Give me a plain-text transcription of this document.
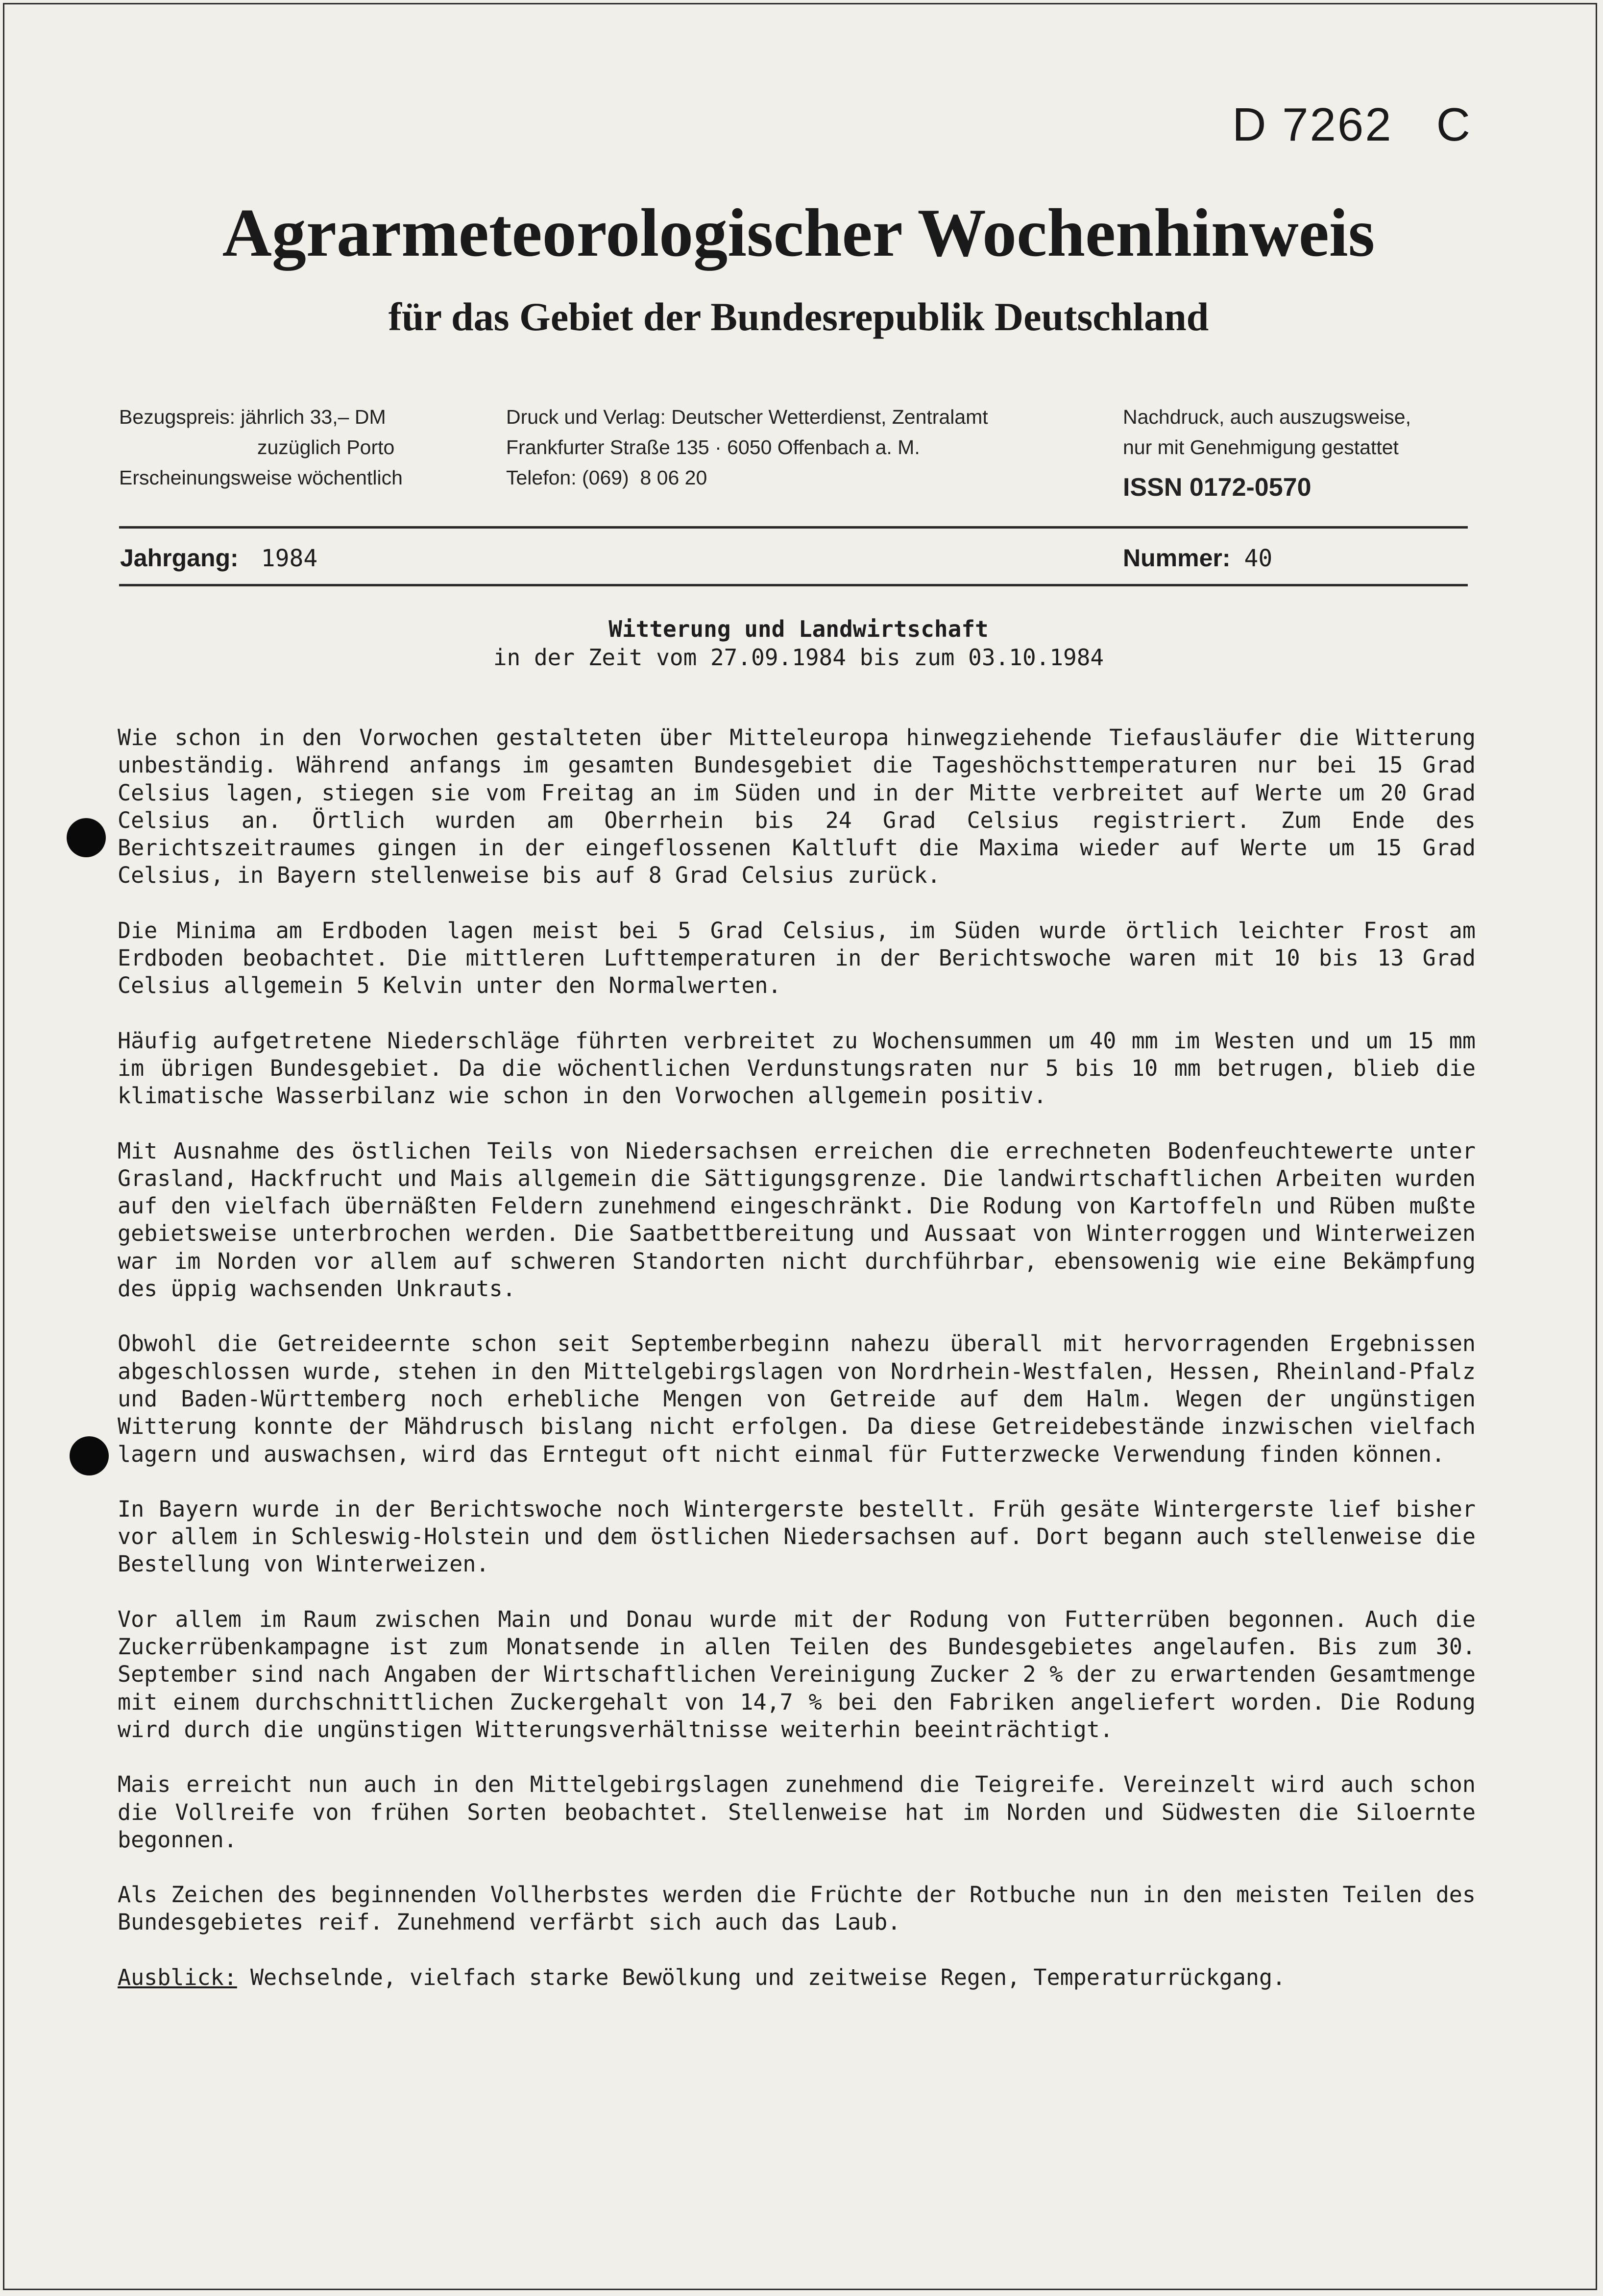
D 7262   C
Agrarmeteorologischer Wochenhinweis
für das Gebiet der Bundesrepublik Deutschland
Bezugspreis: jährlich 33,– DM
zuzüglich Porto
Erscheinungsweise wöchentlich
Druck und Verlag: Deutscher Wetterdienst, Zentralamt
Frankfurter Straße 135 · 6050 Offenbach a. M.
Telefon: (069)  8 06 20
Nachdruck, auch auszugsweise,
nur mit Genehmigung gestattet
ISSN 0172-0570
Jahrgang: 1984	Nummer: 40
Witterung und Landwirtschaft
in der Zeit vom 27.09.1984 bis zum 03.10.1984

Wie schon in den Vorwochen gestalteten über Mitteleuropa hinwegziehende Tiefausläufer die Witterung unbeständig. Während anfangs im gesamten Bundesgebiet die Tageshöchsttemperaturen nur bei 15 Grad Celsius lagen, stiegen sie vom Freitag an im Süden und in der Mitte verbreitet auf Werte um 20 Grad Celsius an. Örtlich wurden am Oberrhein bis 24 Grad Celsius registriert. Zum Ende des Berichtszeitraumes gingen in der eingeflossenen Kaltluft die Maxima wieder auf Werte um 15 Grad Celsius, in Bayern stellenweise bis auf 8 Grad Celsius zurück.

Die Minima am Erdboden lagen meist bei 5 Grad Celsius, im Süden wurde örtlich leichter Frost am Erdboden beobachtet. Die mittleren Lufttemperaturen in der Berichtswoche waren mit 10 bis 13 Grad Celsius allgemein 5 Kelvin unter den Normalwerten.

Häufig aufgetretene Niederschläge führten verbreitet zu Wochensummen um 40 mm im Westen und um 15 mm im übrigen Bundesgebiet. Da die wöchentlichen Verdunstungsraten nur 5 bis 10 mm betrugen, blieb die klimatische Wasserbilanz wie schon in den Vorwochen allgemein positiv.

Mit Ausnahme des östlichen Teils von Niedersachsen erreichen die errechneten Bodenfeuchtewerte unter Grasland, Hackfrucht und Mais allgemein die Sättigungsgrenze. Die landwirtschaftlichen Arbeiten wurden auf den vielfach übernäßten Feldern zunehmend eingeschränkt. Die Rodung von Kartoffeln und Rüben mußte gebietsweise unterbrochen werden. Die Saatbettbereitung und Aussaat von Winterroggen und Winterweizen war im Norden vor allem auf schweren Standorten nicht durchführbar, ebensowenig wie eine Bekämpfung des üppig wachsenden Unkrauts.

Obwohl die Getreideernte schon seit Septemberbeginn nahezu überall mit hervorragenden Ergebnissen abgeschlossen wurde, stehen in den Mittelgebirgslagen von Nordrhein-Westfalen, Hessen, Rheinland-Pfalz und Baden-Württemberg noch erhebliche Mengen von Getreide auf dem Halm. Wegen der ungünstigen Witterung konnte der Mähdrusch bislang nicht erfolgen. Da diese Getreidebestände inzwischen vielfach lagern und auswachsen, wird das Erntegut oft nicht einmal für Futterzwecke Verwendung finden können.

In Bayern wurde in der Berichtswoche noch Wintergerste bestellt. Früh gesäte Wintergerste lief bisher vor allem in Schleswig-Holstein und dem östlichen Niedersachsen auf. Dort begann auch stellenweise die Bestellung von Winterweizen.

Vor allem im Raum zwischen Main und Donau wurde mit der Rodung von Futterrüben begonnen. Auch die Zuckerrübenkampagne ist zum Monatsende in allen Teilen des Bundesgebietes angelaufen. Bis zum 30. September sind nach Angaben der Wirtschaftlichen Vereinigung Zucker 2 % der zu erwartenden Gesamtmenge mit einem durchschnittlichen Zuckergehalt von 14,7 % bei den Fabriken angeliefert worden. Die Rodung wird durch die ungünstigen Witterungsverhältnisse weiterhin beeinträchtigt.

Mais erreicht nun auch in den Mittelgebirgslagen zunehmend die Teigreife. Vereinzelt wird auch schon die Vollreife von frühen Sorten beobachtet. Stellenweise hat im Norden und Südwesten die Siloernte begonnen.

Als Zeichen des beginnenden Vollherbstes werden die Früchte der Rotbuche nun in den meisten Teilen des Bundesgebietes reif. Zunehmend verfärbt sich auch das Laub.

Ausblick: Wechselnde, vielfach starke Bewölkung und zeitweise Regen, Temperaturrückgang.
